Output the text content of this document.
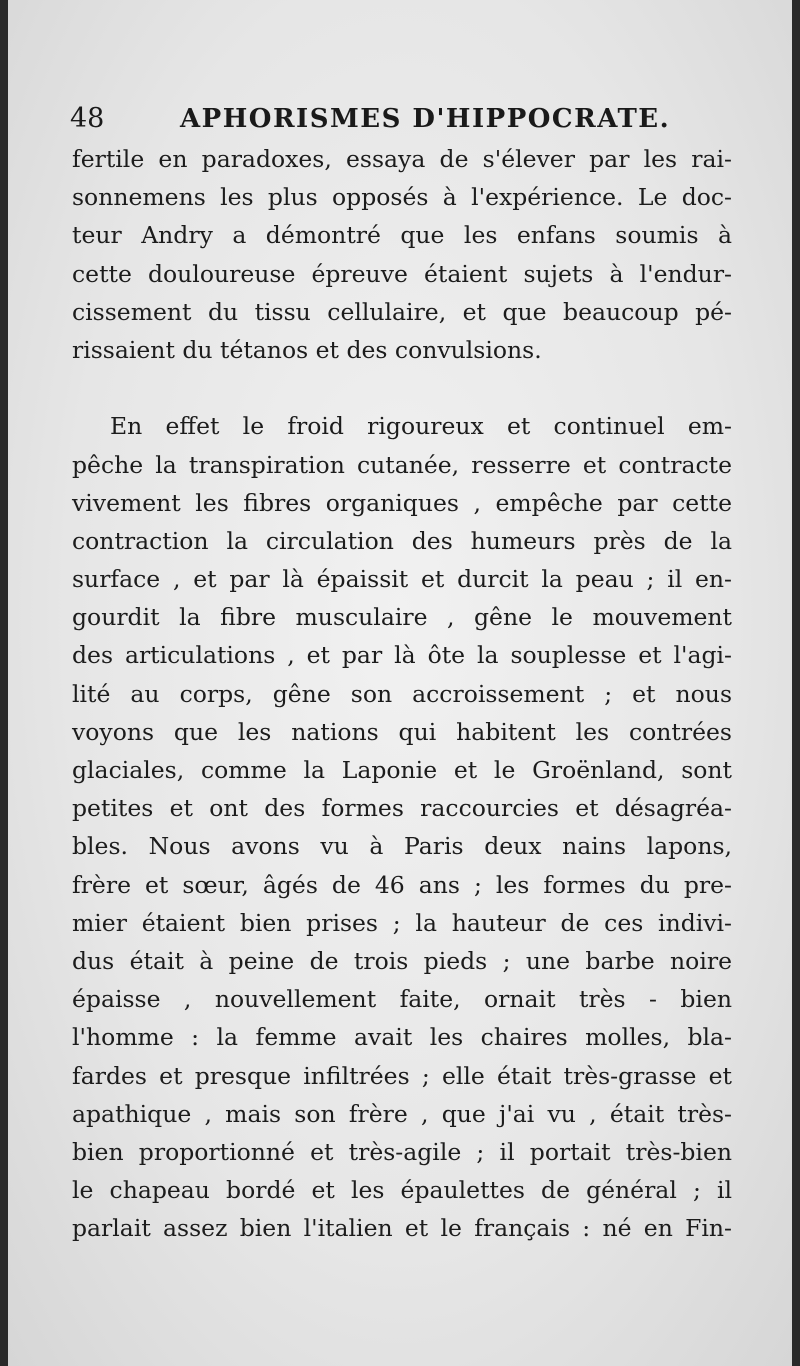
48	APHORISMES D'HIPPOCRATE.
fertile en paradoxes, essaya de s'élever par les rai-
sonnemens les plus opposés à l'expérience. Le doc-
teur Andry a démontré que les enfans soumis à
cette douloureuse épreuve étaient sujets à l'endur-
cissement du tissu cellulaire, et que beaucoup pé-
rissaient du tétanos et des convulsions.
En effet le froid rigoureux et continuel em-
pêche la transpiration cutanée, resserre et contracte
vivement les fibres organiques , empêche par cette
contraction la circulation des humeurs près de la
surface , et par là épaissit et durcit la peau ; il en-
gourdit la fibre musculaire , gêne le mouvement
des articulations , et par là ôte la souplesse et l'agi-
lité au corps, gêne son accroissement ; et nous
voyons que les nations qui habitent les contrées
glaciales, comme la Laponie et le Groënland, sont
petites et ont des formes raccourcies et désagréa-
bles. Nous avons vu à Paris deux nains lapons,
frère et sœur, âgés de 46 ans ; les formes du pre-
mier étaient bien prises ; la hauteur de ces indivi-
dus était à peine de trois pieds ; une barbe noire
épaisse , nouvellement faite, ornait très - bien
l'homme : la femme avait les chaires molles, bla-
fardes et presque infiltrées ; elle était très-grasse et
apathique , mais son frère , que j'ai vu , était très-
bien proportionné et très-agile ; il portait très-bien
le chapeau bordé et les épaulettes de général ; il
parlait assez bien l'italien et le français : né en Fin-
